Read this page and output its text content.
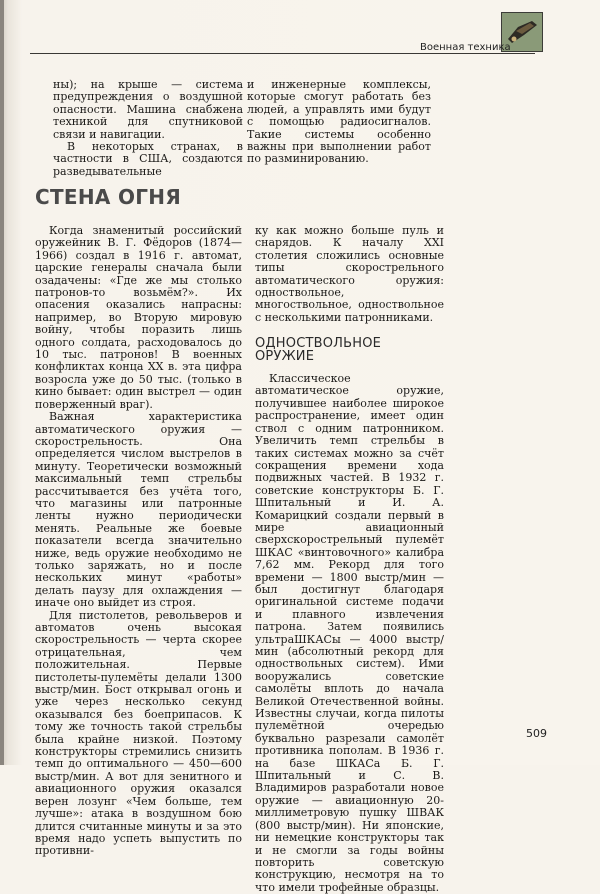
Военная техника

ны); на крыше — система предупреждения о воздушной опасности. Машина снабжена техникой для спутниковой связи и навигации.

В некоторых странах, в частности в США, создаются разведывательные

и инженерные комплексы, которые смогут работать без людей, а управлять ими будут с помощью радиосигналов. Такие системы особенно важны при выполнении работ по разминированию.

СТЕНА ОГНЯ

Когда знаменитый российский оружейник В. Г. Фёдоров (1874—1966) создал в 1916 г. автомат, царские генералы сначала были озадачены: «Где же мы столько патронов-то возьмём?». Их опасения оказались напрасны: например, во Вторую мировую войну, чтобы поразить лишь одного солдата, расходовалось до 10 тыс. патронов! В военных конфликтах конца XX в. эта цифра возросла уже до 50 тыс. (только в кино бывает: один выстрел — один поверженный враг).

Важная характеристика автоматического оружия — скорострельность. Она определяется числом выстрелов в минуту. Теоретически возможный максимальный темп стрельбы рассчитывается без учёта того, что магазины или патронные ленты нужно периодически менять. Реальные же боевые показатели всегда значительно ниже, ведь оружие необходимо не только заряжать, но и после нескольких минут «работы» делать паузу для охлаждения — иначе оно выйдет из строя.

Для пистолетов, револьверов и автоматов очень высокая скорострельность — черта скорее отрицательная, чем положительная. Первые пистолеты-пулемёты делали 1300 выстр/мин. Бост открывал огонь и уже через несколько секунд оказывался без боеприпасов. К тому же точность такой стрельбы была крайне низкой. Поэтому конструкторы стремились снизить темп до оптимального — 450—600 выстр/мин. А вот для зенитного и авиационного оружия оказался верен лозунг «Чем больше, тем лучше»: атака в воздушном бою длится считанные минуты и за это время надо успеть выпустить по противни-

ку как можно больше пуль и снарядов. К началу XXI столетия сложились основные типы скорострельного автоматического оружия: одноствольное, многоствольное, одноствольное с несколькими патронниками.

ОДНОСТВОЛЬНОЕ ОРУЖИЕ

Классическое автоматическое оружие, получившее наиболее широкое распространение, имеет один ствол с одним патронником. Увеличить темп стрельбы в таких системах можно за счёт сокращения времени хода подвижных частей. В 1932 г. советские конструкторы Б. Г. Шпитальный и И. А. Комарицкий создали первый в мире авиационный сверхскорострельный пулемёт ШКАС «винтовочного» калибра 7,62 мм. Рекорд для того времени — 1800 выстр/мин — был достигнут благодаря оригинальной системе подачи и плавного извлечения патрона. Затем появились ультраШКАСы — 4000 выстр/мин (абсолютный рекорд для одноствольных систем). Ими вооружались советские самолёты вплоть до начала Великой Отечественной войны. Известны случаи, когда пилоты пулемётной очередью буквально разрезали самолёт противника пополам. В 1936 г. на базе ШКАСа Б. Г. Шпитальный и С. В. Владимиров разработали новое оружие — авиационную 20-миллиметровую пушку ШВАК (800 выстр/мин). Ни японские, ни немецкие конструкторы так и не смогли за годы войны повторить советскую конструкцию, несмотря на то что имели трофейные образцы.

509
